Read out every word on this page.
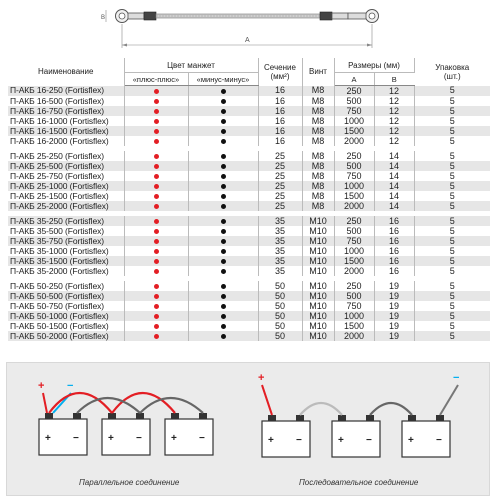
B
A
Наименование	Цвет манжет		Сечение
(мм²)	Винт	Размеры (мм)		Упаковка
(шт.)
	«плюс-плюс»	«минус-минус»			A	B	
П-АКБ 16-250 (Fortisflex)			16	M8	250	12	5
П-АКБ 16-500 (Fortisflex)			16	M8	500	12	5
П-АКБ 16-750 (Fortisflex)			16	M8	750	12	5
П-АКБ 16-1000 (Fortisflex)			16	M8	1000	12	5
П-АКБ 16-1500 (Fortisflex)			16	M8	1500	12	5
П-АКБ 16-2000 (Fortisflex)			16	M8	2000	12	5

П-АКБ 25-250 (Fortisflex)			25	M8	250	14	5
П-АКБ 25-500 (Fortisflex)			25	M8	500	14	5
П-АКБ 25-750 (Fortisflex)			25	M8	750	14	5
П-АКБ 25-1000 (Fortisflex)			25	M8	1000	14	5
П-АКБ 25-1500 (Fortisflex)			25	M8	1500	14	5
П-АКБ 25-2000 (Fortisflex)			25	M8	2000	14	5

П-АКБ 35-250 (Fortisflex)			35	M10	250	16	5
П-АКБ 35-500 (Fortisflex)			35	M10	500	16	5
П-АКБ 35-750 (Fortisflex)			35	M10	750	16	5
П-АКБ 35-1000 (Fortisflex)			35	M10	1000	16	5
П-АКБ 35-1500 (Fortisflex)			35	M10	1500	16	5
П-АКБ 35-2000 (Fortisflex)			35	M10	2000	16	5

П-АКБ 50-250 (Fortisflex)			50	M10	250	19	5
П-АКБ 50-500 (Fortisflex)			50	M10	500	19	5
П-АКБ 50-750 (Fortisflex)			50	M10	750	19	5
П-АКБ 50-1000 (Fortisflex)			50	M10	1000	19	5
П-АКБ 50-1500 (Fortisflex)			50	M10	1500	19	5
П-АКБ 50-2000 (Fortisflex)			50	M10	2000	19	5
+ −	+ −	+ −
+ −
+ −	+ −	+ −
+	−
Параллельное соединение	Последовательное соединение
